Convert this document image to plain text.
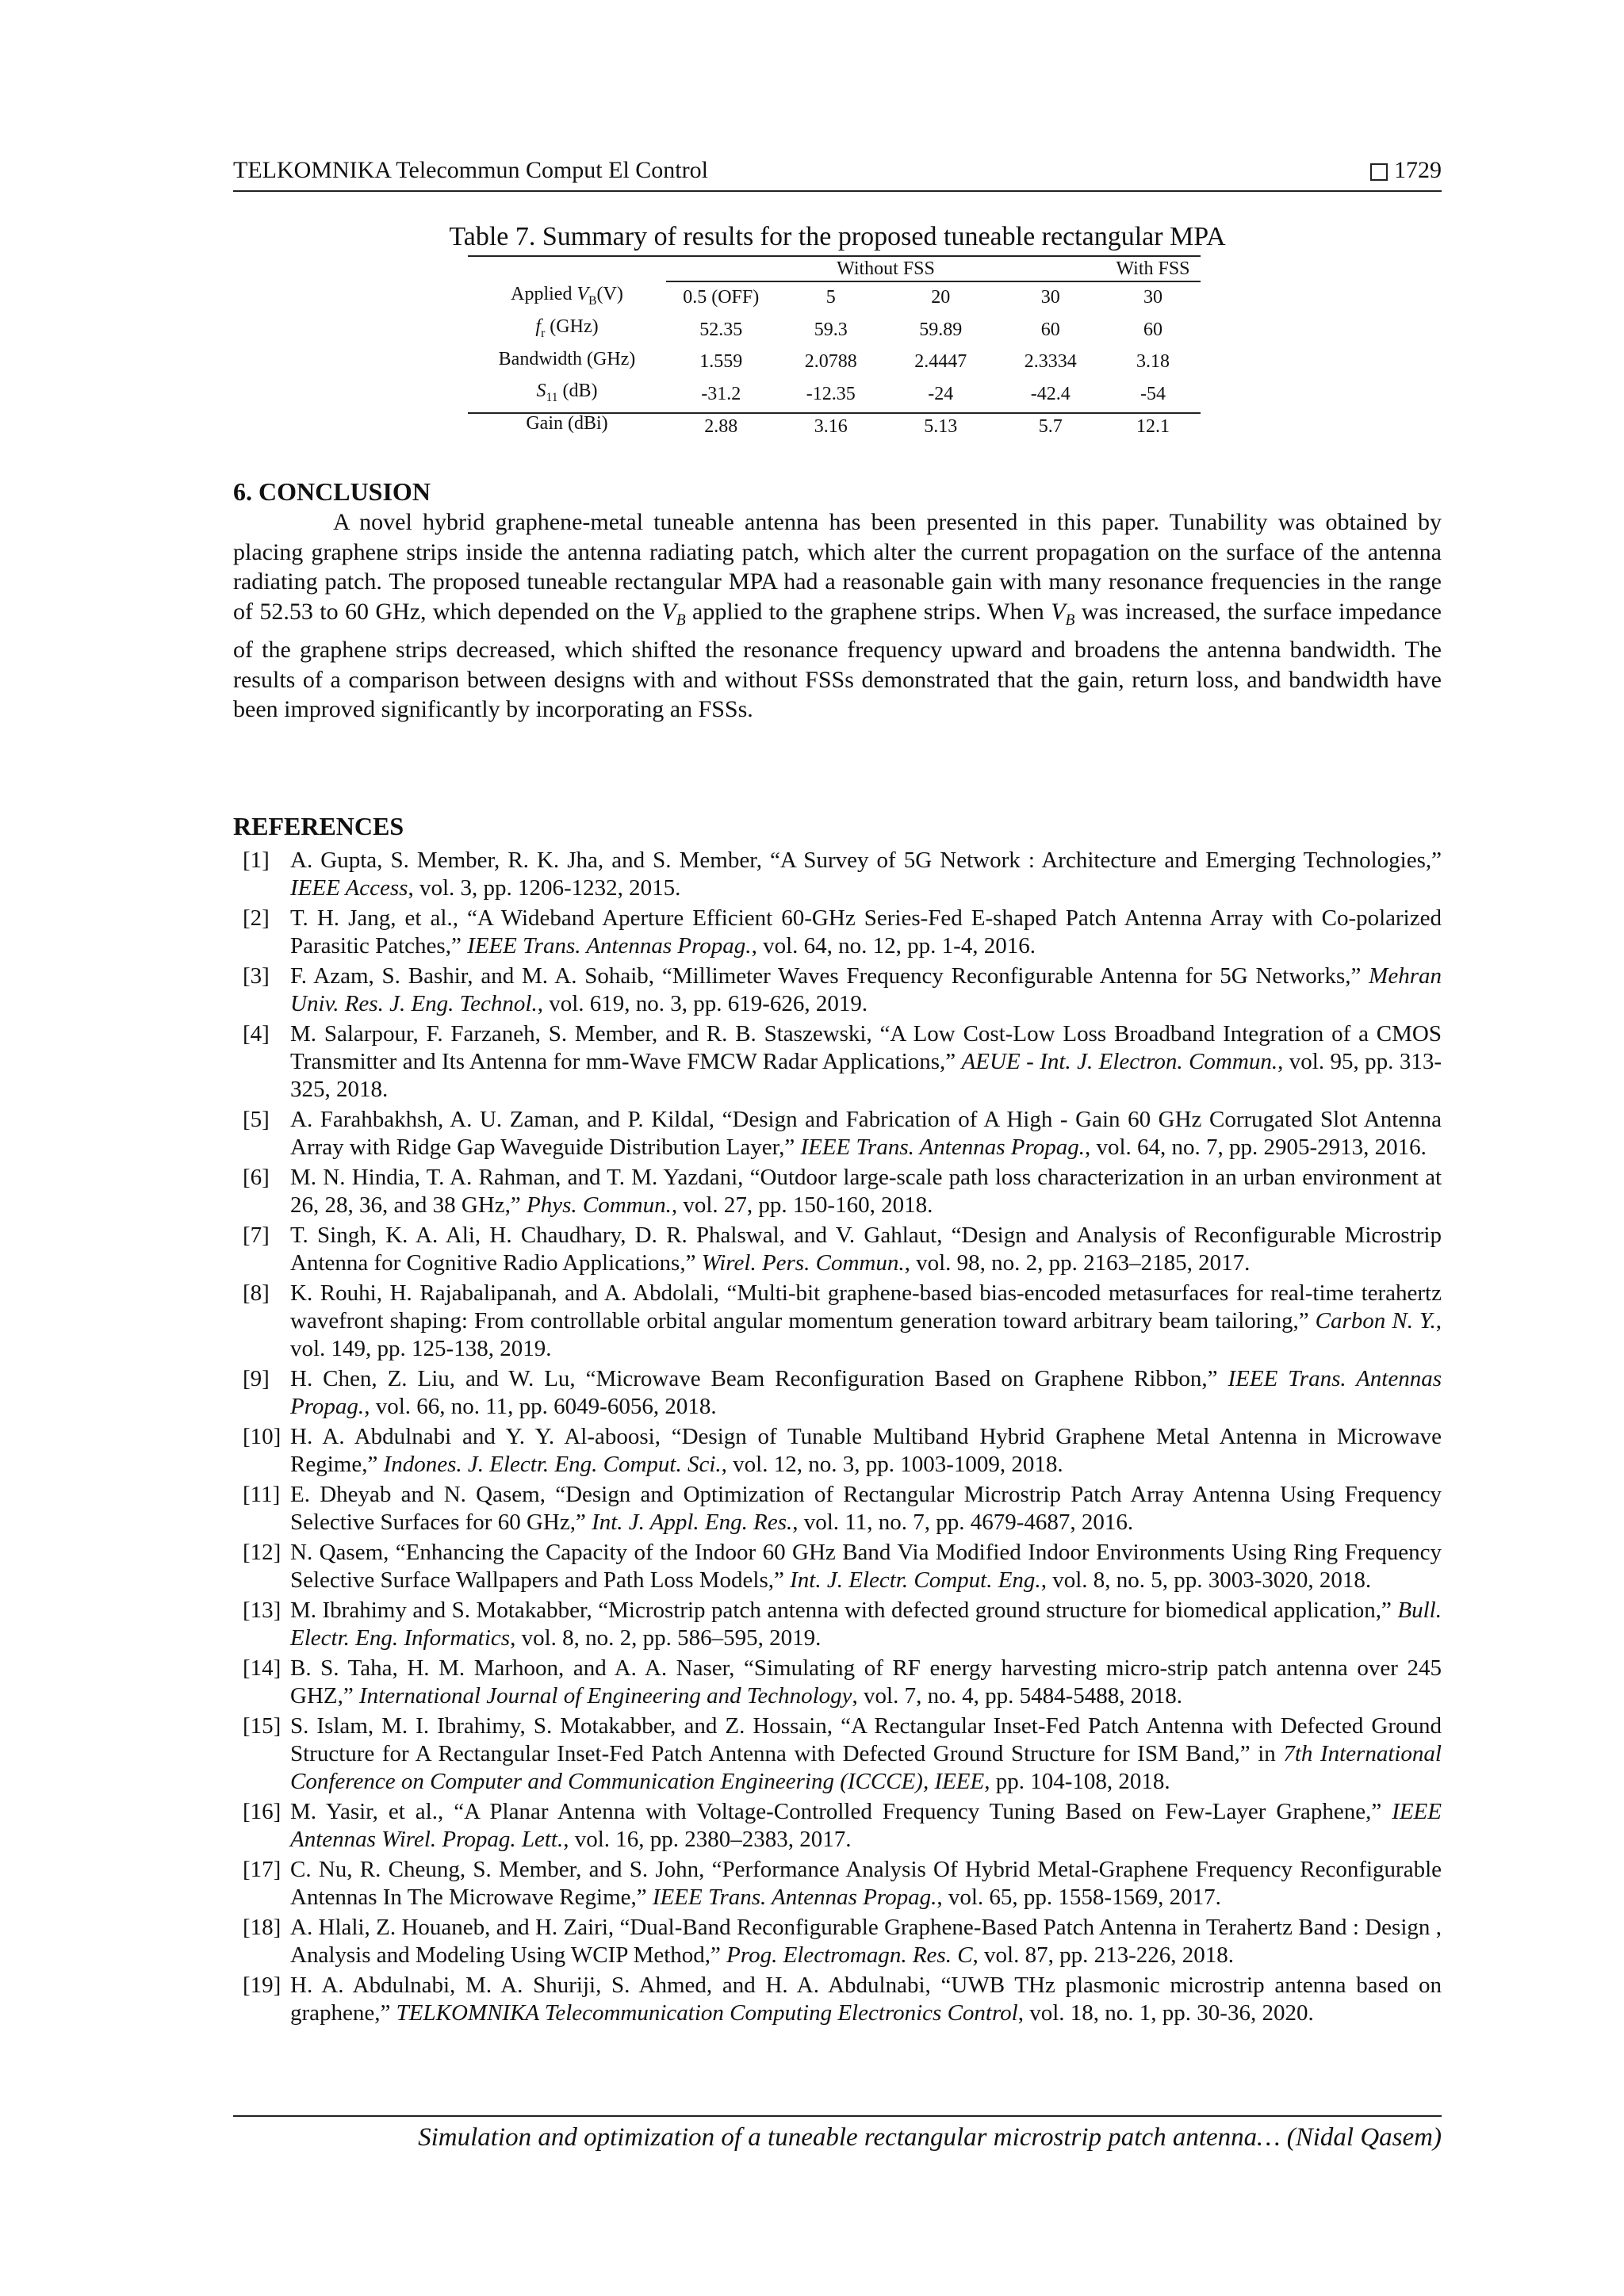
TELKOMNIKA Telecommun Comput El Control	1729
Table 7. Summary of results for the proposed tuneable rectangular MPA
	Without FSS				With FSS
Applied $V_B(V)$	0.5 (OFF)	5	20	30	30
$f_r$ (GHz)	52.35	59.3	59.89	60	60
Bandwidth (GHz)	1.559	2.0788	2.4447	2.3334	3.18
$S_{11}$ (dB)	-31.2	-12.35	-24	-42.4	-54
Gain (dBi)	2.88	3.16	5.13	5.7	12.1
6. CONCLUSION
A novel hybrid graphene-metal tuneable antenna has been presented in this paper. Tunability was obtained by placing graphene strips inside the antenna radiating patch, which alter the current propagation on the surface of the antenna radiating patch. The proposed tuneable rectangular MPA had a reasonable gain with many resonance frequencies in the range of 52.53 to 60 GHz, which depended on the $V_B$ applied to the graphene strips. When $V_B$ was increased, the surface impedance of the graphene strips decreased, which shifted the resonance frequency upward and broadens the antenna bandwidth. The results of a comparison between designs with and without FSSs demonstrated that the gain, return loss, and bandwidth have been improved significantly by incorporating an FSSs.
REFERENCES
[1] A. Gupta, S. Member, R. K. Jha, and S. Member, “A Survey of 5G Network : Architecture and Emerging Technologies,” IEEE Access, vol. 3, pp. 1206-1232, 2015.
[2] T. H. Jang, et al., “A Wideband Aperture Efficient 60-GHz Series-Fed E-shaped Patch Antenna Array with Co-polarized Parasitic Patches,” IEEE Trans. Antennas Propag., vol. 64, no. 12, pp. 1-4, 2016.
[3] F. Azam, S. Bashir, and M. A. Sohaib, “Millimeter Waves Frequency Reconfigurable Antenna for 5G Networks,” Mehran Univ. Res. J. Eng. Technol., vol. 619, no. 3, pp. 619-626, 2019.
[4] M. Salarpour, F. Farzaneh, S. Member, and R. B. Staszewski, “A Low Cost-Low Loss Broadband Integration of a CMOS Transmitter and Its Antenna for mm-Wave FMCW Radar Applications,” AEUE - Int. J. Electron. Commun., vol. 95, pp. 313-325, 2018.
[5] A. Farahbakhsh, A. U. Zaman, and P. Kildal, “Design and Fabrication of A High - Gain 60 GHz Corrugated Slot Antenna Array with Ridge Gap Waveguide Distribution Layer,” IEEE Trans. Antennas Propag., vol. 64, no. 7, pp. 2905-2913, 2016.
[6] M. N. Hindia, T. A. Rahman, and T. M. Yazdani, “Outdoor large-scale path loss characterization in an urban environment at 26, 28, 36, and 38 GHz,” Phys. Commun., vol. 27, pp. 150-160, 2018.
[7] T. Singh, K. A. Ali, H. Chaudhary, D. R. Phalswal, and V. Gahlaut, “Design and Analysis of Reconfigurable Microstrip Antenna for Cognitive Radio Applications,” Wirel. Pers. Commun., vol. 98, no. 2, pp. 2163–2185, 2017.
[8] K. Rouhi, H. Rajabalipanah, and A. Abdolali, “Multi-bit graphene-based bias-encoded metasurfaces for real-time terahertz wavefront shaping: From controllable orbital angular momentum generation toward arbitrary beam tailoring,” Carbon N. Y., vol. 149, pp. 125-138, 2019.
[9] H. Chen, Z. Liu, and W. Lu, “Microwave Beam Reconfiguration Based on Graphene Ribbon,” IEEE Trans. Antennas Propag., vol. 66, no. 11, pp. 6049-6056, 2018.
[10] H. A. Abdulnabi and Y. Y. Al-aboosi, “Design of Tunable Multiband Hybrid Graphene Metal Antenna in Microwave Regime,” Indones. J. Electr. Eng. Comput. Sci., vol. 12, no. 3, pp. 1003-1009, 2018.
[11] E. Dheyab and N. Qasem, “Design and Optimization of Rectangular Microstrip Patch Array Antenna Using Frequency Selective Surfaces for 60 GHz,” Int. J. Appl. Eng. Res., vol. 11, no. 7, pp. 4679-4687, 2016.
[12] N. Qasem, “Enhancing the Capacity of the Indoor 60 GHz Band Via Modified Indoor Environments Using Ring Frequency Selective Surface Wallpapers and Path Loss Models,” Int. J. Electr. Comput. Eng., vol. 8, no. 5, pp. 3003-3020, 2018.
[13] M. Ibrahimy and S. Motakabber, “Microstrip patch antenna with defected ground structure for biomedical application,” Bull. Electr. Eng. Informatics, vol. 8, no. 2, pp. 586–595, 2019.
[14] B. S. Taha, H. M. Marhoon, and A. A. Naser, “Simulating of RF energy harvesting micro-strip patch antenna over 245 GHZ,” International Journal of Engineering and Technology, vol. 7, no. 4, pp. 5484-5488, 2018.
[15] S. Islam, M. I. Ibrahimy, S. Motakabber, and Z. Hossain, “A Rectangular Inset-Fed Patch Antenna with Defected Ground Structure for A Rectangular Inset-Fed Patch Antenna with Defected Ground Structure for ISM Band,” in 7th International Conference on Computer and Communication Engineering (ICCCE), IEEE, pp. 104-108, 2018.
[16] M. Yasir, et al., “A Planar Antenna with Voltage-Controlled Frequency Tuning Based on Few-Layer Graphene,” IEEE Antennas Wirel. Propag. Lett., vol. 16, pp. 2380–2383, 2017.
[17] C. Nu, R. Cheung, S. Member, and S. John, “Performance Analysis Of Hybrid Metal-Graphene Frequency Reconfigurable Antennas In The Microwave Regime,” IEEE Trans. Antennas Propag., vol. 65, pp. 1558-1569, 2017.
[18] A. Hlali, Z. Houaneb, and H. Zairi, “Dual-Band Reconfigurable Graphene-Based Patch Antenna in Terahertz Band : Design , Analysis and Modeling Using WCIP Method,” Prog. Electromagn. Res. C, vol. 87, pp. 213-226, 2018.
[19] H. A. Abdulnabi, M. A. Shuriji, S. Ahmed, and H. A. Abdulnabi, “UWB THz plasmonic microstrip antenna based on graphene,” TELKOMNIKA Telecommunication Computing Electronics Control, vol. 18, no. 1, pp. 30-36, 2020.
Simulation and optimization of a tuneable rectangular microstrip patch antenna… (Nidal Qasem)
